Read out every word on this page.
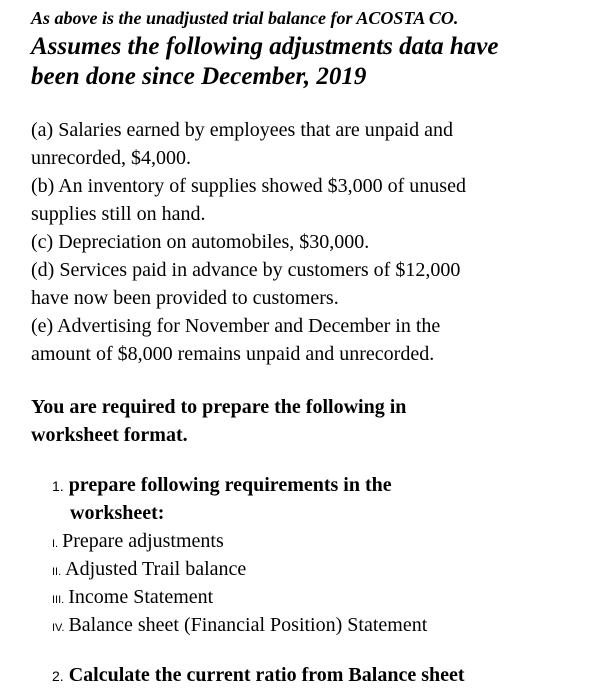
As above is the unadjusted trial balance for ACOSTA CO.
Assumes the following adjustments data have
been done since December, 2019
(a) Salaries earned by employees that are unpaid and
unrecorded, $4,000.
(b) An inventory of supplies showed $3,000 of unused
supplies still on hand.
(c) Depreciation on automobiles, $30,000.
(d) Services paid in advance by customers of $12,000
have now been provided to customers.
(e) Advertising for November and December in the
amount of $8,000 remains unpaid and unrecorded.
You are required to prepare the following in
worksheet format.
1. prepare following requirements in the
worksheet:
I. Prepare adjustments
II. Adjusted Trail balance
III. Income Statement
IV. Balance sheet (Financial Position) Statement
2. Calculate the current ratio from Balance sheet
